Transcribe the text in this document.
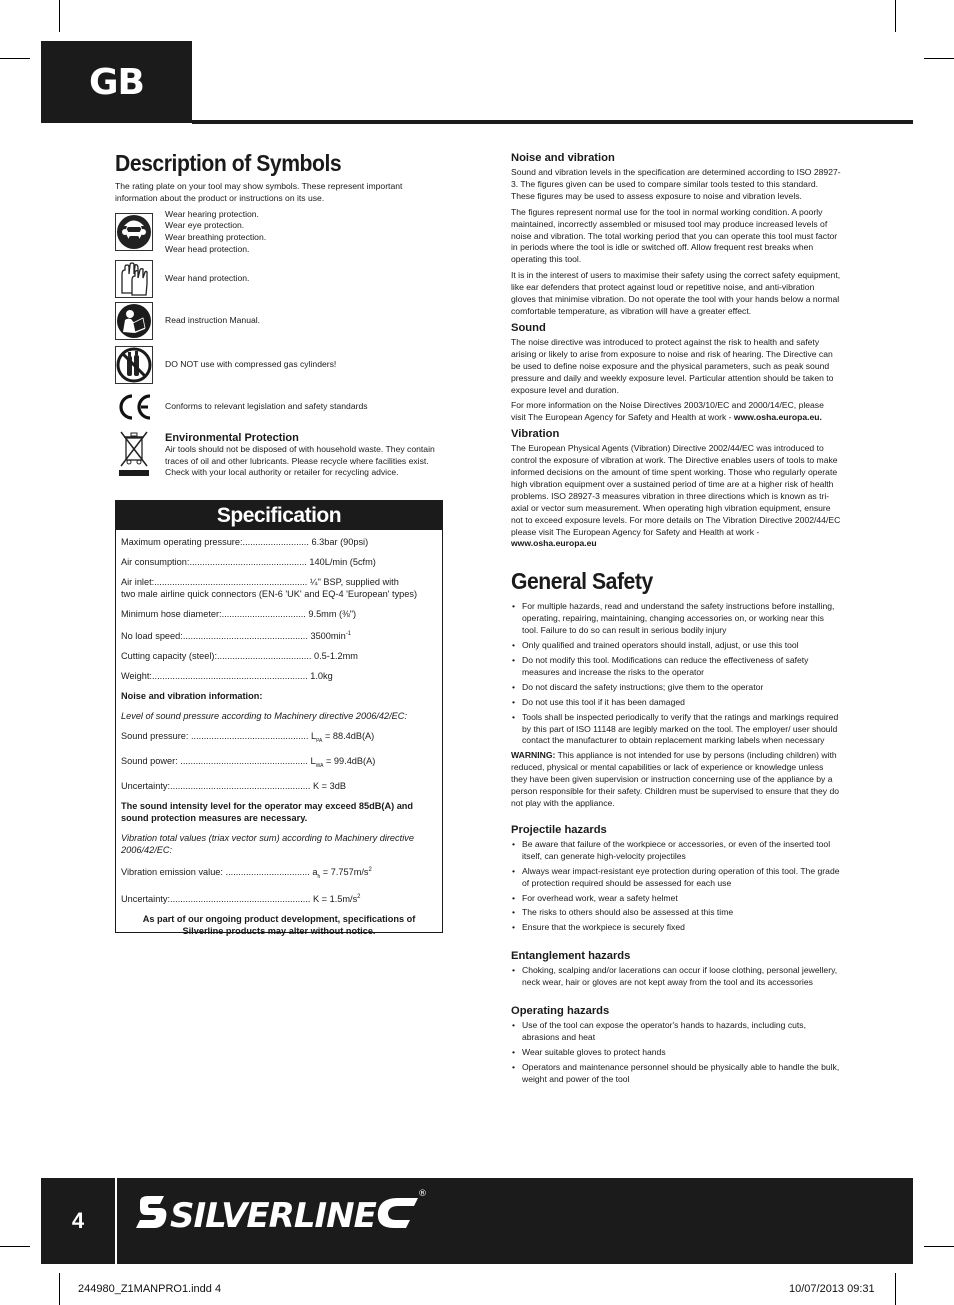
GB
Description of Symbols
The rating plate on your tool may show symbols. These represent important information about the product or instructions on its use.
Wear hearing protection.
Wear eye protection.
Wear breathing protection.
Wear head protection.
Wear hand protection.
Read instruction Manual.
DO NOT use with compressed gas cylinders!
Conforms to relevant legislation and safety standards
Environmental Protection
Air tools should not be disposed of with household waste. They contain traces of oil and other lubricants. Please recycle where facilities exist. Check with your local authority or retailer for recycling advice.
Specification
Maximum operating pressure:.......................... 6.3bar (90psi)
Air consumption:.............................................. 140L/min (5cfm)
Air inlet:............................................................ ¼" BSP, supplied with
two male airline quick connectors (EN-6 'UK' and EQ-4 'European' types)
Minimum hose diameter:................................. 9.5mm (⅜")
No load speed:................................................. $3500\min^{-1}$
Cutting capacity (steel):..................................... 0.5-1.2mm
Weight:............................................................. 1.0kg
Noise and vibration information:
Level of sound pressure according to Machinery directive 2006/42/EC:
Sound pressure: .............................................. $L_{PA} = 88.4dB(A)$
Sound power: .................................................. $L_{WA} = 99.4dB(A)$
Uncertainty:....................................................... K = 3dB
The sound intensity level for the operator may exceed 85dB(A) and sound protection measures are necessary.
Vibration total values (triax vector sum) according to Machinery directive 2006/42/EC:
Vibration emission value: ................................. $a_h = 7.757m/s^2$
Uncertainty:....................................................... $K = 1.5m/s^2$
As part of our ongoing product development, specifications of Silverline products may alter without notice.
Noise and vibration
Sound and vibration levels in the specification are determined according to ISO 28927-3. The figures given can be used to compare similar tools tested to this standard. These figures may be used to assess exposure to noise and vibration levels.
The figures represent normal use for the tool in normal working condition. A poorly maintained, incorrectly assembled or misused tool may produce increased levels of noise and vibration. The total working period that you can operate this tool must factor in periods where the tool is idle or switched off. Allow frequent rest breaks when operating this tool.
It is in the interest of users to maximise their safety using the correct safety equipment, like ear defenders that protect against loud or repetitive noise, and anti-vibration gloves that minimise vibration. Do not operate the tool with your hands below a normal comfortable temperature, as vibration will have a greater effect.
Sound
The noise directive was introduced to protect against the risk to health and safety arising or likely to arise from exposure to noise and risk of hearing. The Directive can be used to define noise exposure and the physical parameters, such as peak sound pressure and daily and weekly exposure level. Particular attention should be taken to exposure level and duration.
For more information on the Noise Directives 2003/10/EC and 2000/14/EC, please visit The European Agency for Safety and Health at work - www.osha.europa.eu.
Vibration
The European Physical Agents (Vibration) Directive 2002/44/EC was introduced to control the exposure of vibration at work. The Directive enables users of tools to make informed decisions on the amount of time spent working. Those who regularly operate high vibration equipment over a sustained period of time are at a higher risk of health problems. ISO 28927-3 measures vibration in three directions which is known as tri-axial or vector sum measurement. When operating high vibration equipment, ensure not to exceed exposure levels. For more details on The Vibration Directive 2002/44/EC please visit The European Agency for Safety and Health at work -www.osha.europa.eu
General Safety
• For multiple hazards, read and understand the safety instructions before installing, operating, repairing, maintaining, changing accessories on, or working near this tool. Failure to do so can result in serious bodily injury
• Only qualified and trained operators should install, adjust, or use this tool
• Do not modify this tool. Modifications can reduce the effectiveness of safety measures and increase the risks to the operator
• Do not discard the safety instructions; give them to the operator
• Do not use this tool if it has been damaged
• Tools shall be inspected periodically to verify that the ratings and markings required by this part of ISO 11148 are legibly marked on the tool. The employer/ user should contact the manufacturer to obtain replacement marking labels when necessary
WARNING: This appliance is not intended for use by persons (including children) with reduced, physical or mental capabilities or lack of experience or knowledge unless they have been given supervision or instruction concerning use of the appliance by a person responsible for their safety. Children must be supervised to ensure that they do not play with the appliance.
Projectile hazards
• Be aware that failure of the workpiece or accessories, or even of the inserted tool itself, can generate high-velocity projectiles
• Always wear impact-resistant eye protection during operation of this tool. The grade of protection required should be assessed for each use
• For overhead work, wear a safety helmet
• The risks to others should also be assessed at this time
• Ensure that the workpiece is securely fixed
Entanglement hazards
• Choking, scalping and/or lacerations can occur if loose clothing, personal jewellery, neck wear, hair or gloves are not kept away from the tool and its accessories
Operating hazards
• Use of the tool can expose the operator's hands to hazards, including cuts, abrasions and heat
• Wear suitable gloves to protect hands
• Operators and maintenance personnel should be physically able to handle the bulk, weight and power of the tool
4	SILVERLINE
®
244980_Z1MANPRO1.indd 4	10/07/2013 09:31
